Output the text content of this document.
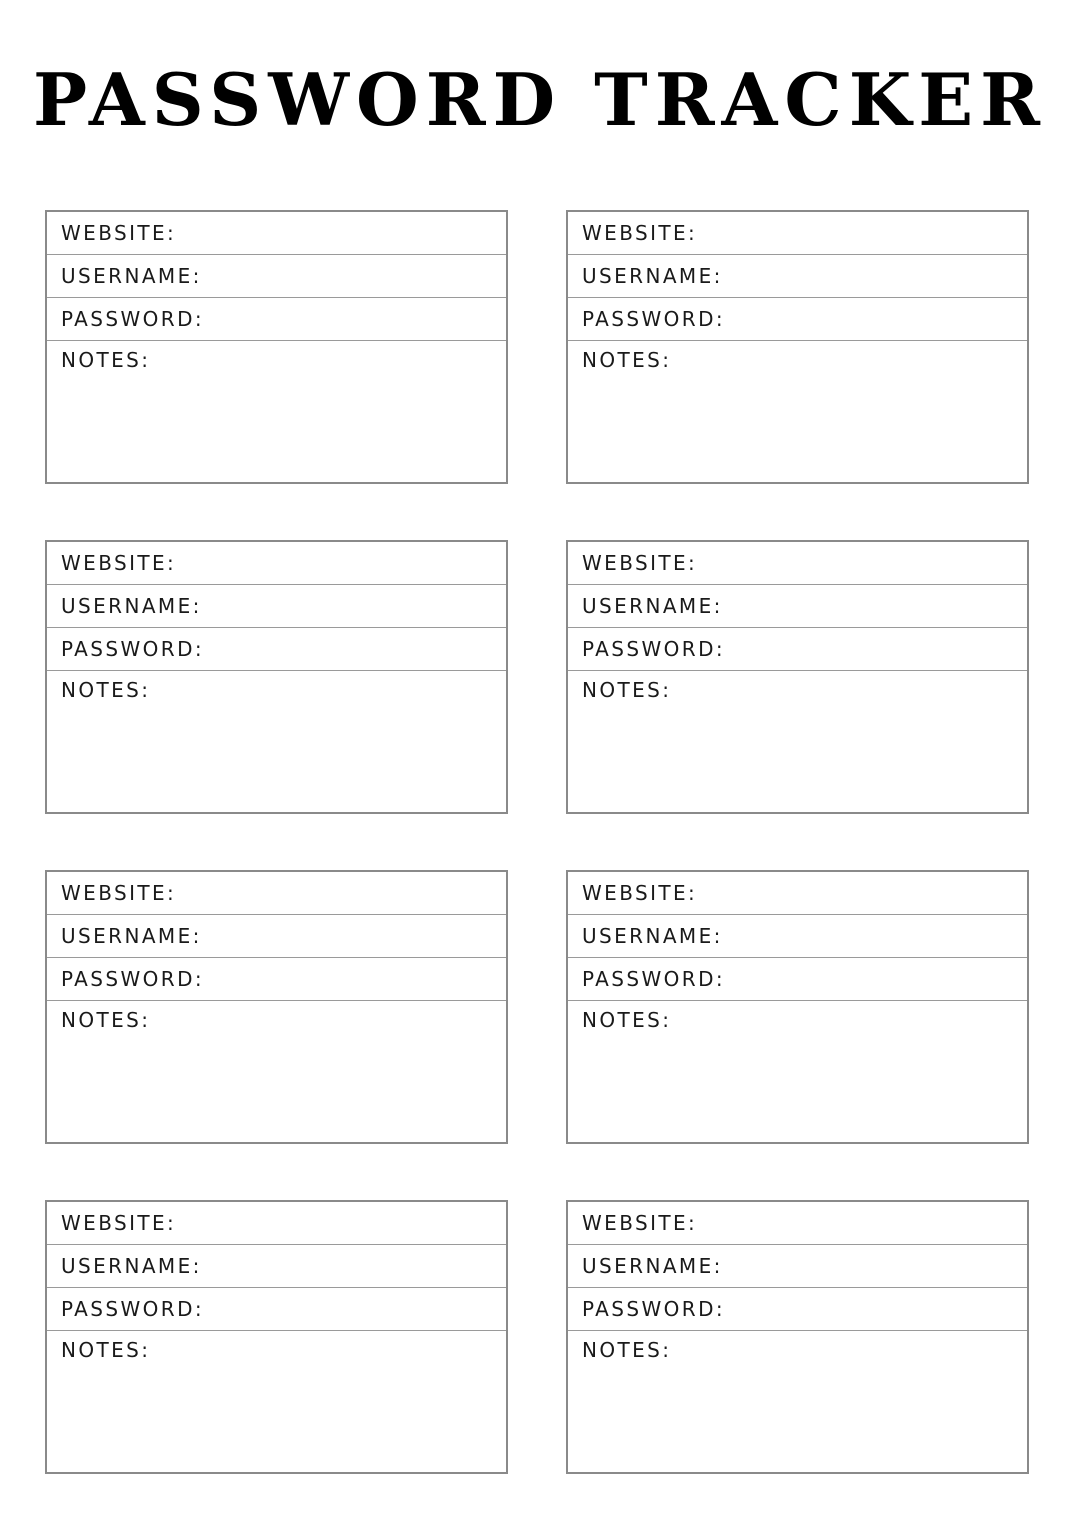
PASSWORD TRACKER
WEBSITE:
USERNAME:
PASSWORD:
NOTES:
WEBSITE:
USERNAME:
PASSWORD:
NOTES:
WEBSITE:
USERNAME:
PASSWORD:
NOTES:
WEBSITE:
USERNAME:
PASSWORD:
NOTES:
WEBSITE:
USERNAME:
PASSWORD:
NOTES:
WEBSITE:
USERNAME:
PASSWORD:
NOTES:
WEBSITE:
USERNAME:
PASSWORD:
NOTES:
WEBSITE:
USERNAME:
PASSWORD:
NOTES:
